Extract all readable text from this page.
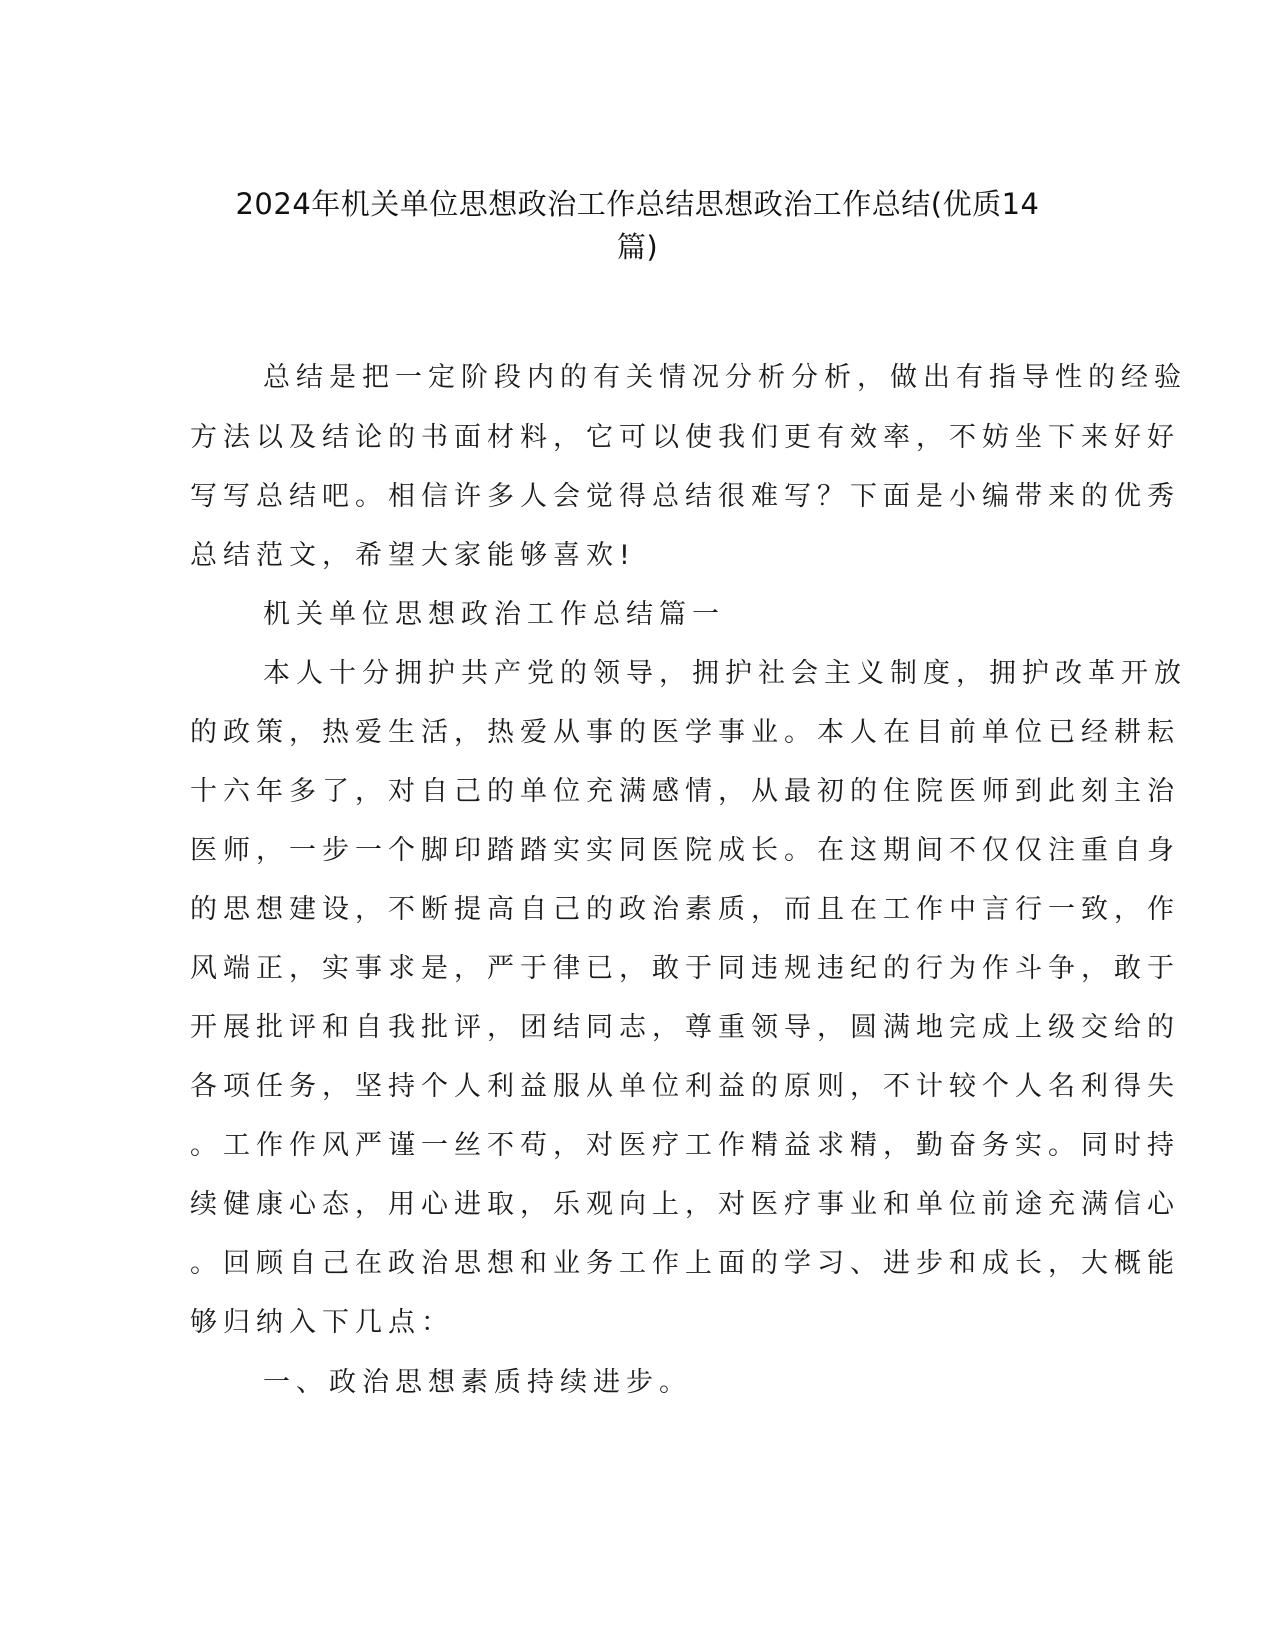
2024年机关单位思想政治工作总结思想政治工作总结(优质14
篇)
总结是把一定阶段内的有关情况分析分析，做出有指导性的经验
方法以及结论的书面材料，它可以使我们更有效率，不妨坐下来好好
写写总结吧。相信许多人会觉得总结很难写？下面是小编带来的优秀
总结范文，希望大家能够喜欢!
机关单位思想政治工作总结篇一
本人十分拥护共产党的领导，拥护社会主义制度，拥护改革开放
的政策，热爱生活，热爱从事的医学事业。本人在目前单位已经耕耘
十六年多了，对自己的单位充满感情，从最初的住院医师到此刻主治
医师，一步一个脚印踏踏实实同医院成长。在这期间不仅仅注重自身
的思想建设，不断提高自己的政治素质，而且在工作中言行一致，作
风端正，实事求是，严于律已，敢于同违规违纪的行为作斗争，敢于
开展批评和自我批评，团结同志，尊重领导，圆满地完成上级交给的
各项任务，坚持个人利益服从单位利益的原则，不计较个人名利得失
。工作作风严谨一丝不苟，对医疗工作精益求精，勤奋务实。同时持
续健康心态，用心进取，乐观向上，对医疗事业和单位前途充满信心
。回顾自己在政治思想和业务工作上面的学习、进步和成长，大概能
够归纳入下几点：
一、政治思想素质持续进步。
